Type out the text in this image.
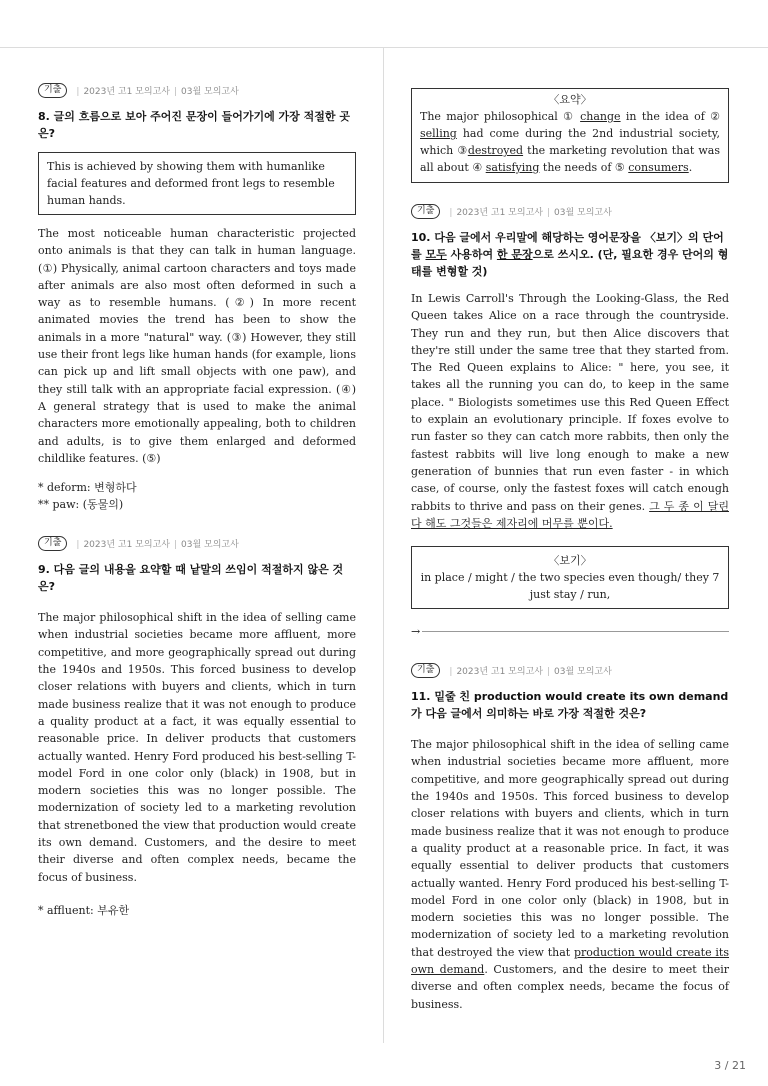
기출	| 2023년 고1 모의고사 | 03월 모의고사
8. 글의 흐름으로 보아 주어진 문장이 들어가기에 가장 적절한 곳은?
This is achieved by showing them with humanlike facial features and deformed front legs to resemble human hands.
The most noticeable human characteristic projected onto animals is that they can talk in human language. (①) Physically, animal cartoon characters and toys made after animals are also most often deformed in such a way as to resemble humans. (②) In more recent animated movies the trend has been to show the animals in a more "natural" way. (③) However, they still use their front legs like human hands (for example, lions can pick up and lift small objects with one paw), and they still talk with an appropriate facial expression. (④) A general strategy that is used to make the animal characters more emotionally appealing, both to children and adults, is to give them enlarged and deformed childlike features. (⑤)
* deform: 변형하다
** paw: (동물의)
기출	| 2023년 고1 모의고사 | 03월 모의고사
9. 다음 글의 내용을 요약할 때 낱말의 쓰임이 적절하지 않은 것은?
The major philosophical shift in the idea of selling came when industrial societies became more affluent, more competitive, and more geographically spread out during the 1940s and 1950s. This forced business to develop closer relations with buyers and clients, which in turn made business realize that it was not enough to produce a quality product at a fact, it was equally essential to reasonable price. In deliver products that customers actually wanted. Henry Ford produced his best-selling T-model Ford in one color only (black) in 1908, but in modern societies this was no longer possible. The modernization of society led to a marketing revolution that strenetboned the view that production would create its own demand. Customers, and the desire to meet their diverse and often complex needs, became the focus of business.
* affluent: 부유한
〈요약〉
The major philosophical ① change in the idea of ② selling had come during the 2nd industrial society, which ③destroyed the marketing revolution that was all about ④ satisfying the needs of ⑤ consumers.
기출	| 2023년 고1 모의고사 | 03월 모의고사
10. 다음 글에서 우리말에 해당하는 영어문장을 〈보기〉의 단어를 모두 사용하여 한 문장으로 쓰시오. (단, 필요한 경우 단어의 형태를 변형할 것)
In Lewis Carroll's Through the Looking-Glass, the Red Queen takes Alice on a race through the countryside. They run and they run, but then Alice discovers that they're still under the same tree that they started from. The Red Queen explains to Alice: " here, you see, it takes all the running you can do, to keep in the same place. " Biologists sometimes use this Red Queen Effect to explain an evolutionary principle. If foxes evolve to run faster so they can catch more rabbits, then only the fastest rabbits will live long enough to make a new generation of bunnies that run even faster - in which case, of course, only the fastest foxes will catch enough rabbits to thrive and pass on their genes. 그 두 종 이 달린다 해도 그것들은 제자리에 머무를 뿐이다.
〈보기〉
in place / might / the two species even though/ they 7 just stay / run,
→
기출	| 2023년 고1 모의고사 | 03월 모의고사
11. 밑줄 친 production would create its own demand가 다음 글에서 의미하는 바로 가장 적절한 것은?
The major philosophical shift in the idea of selling came when industrial societies became more affluent, more competitive, and more geographically spread out during the 1940s and 1950s. This forced business to develop closer relations with buyers and clients, which in turn made business realize that it was not enough to produce a quality product at a reasonable price. In fact, it was equally essential to deliver products that customers actually wanted. Henry Ford produced his best-selling T-model Ford in one color only (black) in 1908, but in modern societies this was no longer possible. The modernization of society led to a marketing revolution that destroyed the view that production would create its own demand. Customers, and the desire to meet their diverse and often complex needs, became the focus of business.
3 / 21
